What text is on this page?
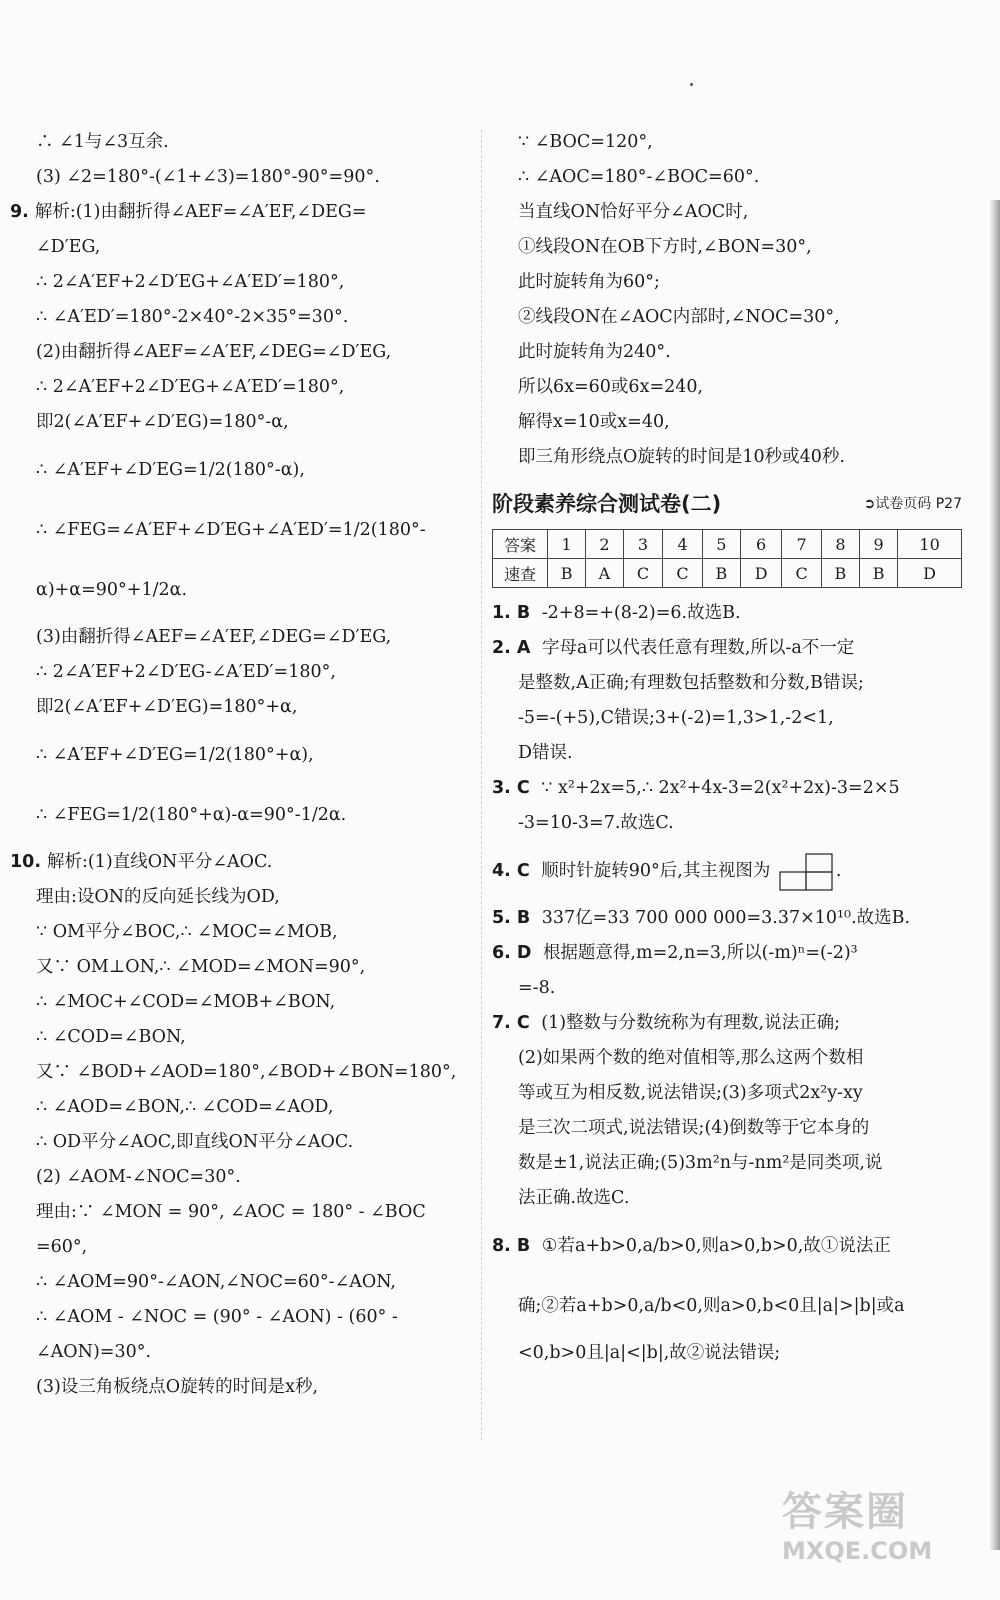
∴ ∠1与∠3互余.
(3) ∠2=180°-(∠1+∠3)=180°-90°=90°.
9. 解析:(1)由翻折得∠AEF=∠A′EF,∠DEG=
∠D′EG,
∴ 2∠A′EF+2∠D′EG+∠A′ED′=180°,
∴ ∠A′ED′=180°-2×40°-2×35°=30°.
(2)由翻折得∠AEF=∠A′EF,∠DEG=∠D′EG,
∴ 2∠A′EF+2∠D′EG+∠A′ED′=180°,
即2(∠A′EF+∠D′EG)=180°-α,
∴ ∠A′EF+∠D′EG=1/2(180°-α),
∴ ∠FEG=∠A′EF+∠D′EG+∠A′ED′=1/2(180°-
α)+α=90°+1/2α.
(3)由翻折得∠AEF=∠A′EF,∠DEG=∠D′EG,
∴ 2∠A′EF+2∠D′EG-∠A′ED′=180°,
即2(∠A′EF+∠D′EG)=180°+α,
∴ ∠A′EF+∠D′EG=1/2(180°+α),
∴ ∠FEG=1/2(180°+α)-α=90°-1/2α.
10. 解析:(1)直线ON平分∠AOC.
理由:设ON的反向延长线为OD,
∵ OM平分∠BOC,∴ ∠MOC=∠MOB,
又∵ OM⊥ON,∴ ∠MOD=∠MON=90°,
∴ ∠MOC+∠COD=∠MOB+∠BON,
∴ ∠COD=∠BON,
又∵ ∠BOD+∠AOD=180°,∠BOD+∠BON=180°,
∴ ∠AOD=∠BON,∴ ∠COD=∠AOD,
∴ OD平分∠AOC,即直线ON平分∠AOC.
(2) ∠AOM-∠NOC=30°.
理由:∵ ∠MON = 90°, ∠AOC = 180° - ∠BOC
=60°,
∴ ∠AOM=90°-∠AON,∠NOC=60°-∠AON,
∴ ∠AOM - ∠NOC = (90° - ∠AON) - (60° -
∠AON)=30°.
(3)设三角板绕点O旋转的时间是x秒,
∵ ∠BOC=120°,
∴ ∠AOC=180°-∠BOC=60°.
当直线ON恰好平分∠AOC时,
①线段ON在OB下方时,∠BON=30°,
此时旋转角为60°;
②线段ON在∠AOC内部时,∠NOC=30°,
此时旋转角为240°.
所以6x=60或6x=240,
解得x=10或x=40,
即三角形绕点O旋转的时间是10秒或40秒.
阶段素养综合测试卷(二)	➲试卷页码 P27
答案	1	2	3	4	5	6	7	8	9	10
速查	B	A	C	C	B	D	C	B	B	D
1. B -2+8=+(8-2)=6.故选B.
2. A 字母a可以代表任意有理数,所以-a不一定
是整数,A正确;有理数包括整数和分数,B错误;
-5=-(+5),C错误;3+(-2)=1,3>1,-2<1,
D错误.
3. C ∵ x²+2x=5,∴ 2x²+4x-3=2(x²+2x)-3=2×5
-3=10-3=7.故选C.
4. C 顺时针旋转90°后,其主视图为	.
5. B 337亿=33 700 000 000=3.37×10¹⁰.故选B.
6. D 根据题意得,m=2,n=3,所以(-m)ⁿ=(-2)³
=-8.
7. C (1)整数与分数统称为有理数,说法正确;
(2)如果两个数的绝对值相等,那么这两个数相
等或互为相反数,说法错误;(3)多项式2x²y-xy
是三次二项式,说法错误;(4)倒数等于它本身的
数是±1,说法正确;(5)3m²n与-nm²是同类项,说
法正确.故选C.
8. B ①若a+b>0,a/b>0,则a>0,b>0,故①说法正
确;②若a+b>0,a/b<0,则a>0,b<0且|a|>|b|或a
<0,b>0且|a|<|b|,故②说法错误;
答案圈
MXQE.COM
